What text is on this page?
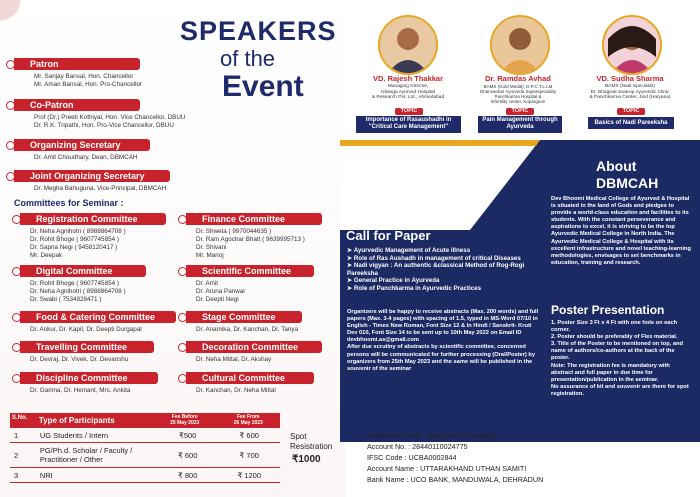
Patron
Mr. Sanjay Bansal, Hon. Chancellor
Mr. Aman Bansal, Hon. Pro-Chancellor
Co-Patron
Prof (Dr.) Preeti Kothiyal, Hon. Vice Chancellor, DBUU
Dr. R.K. Tripathi, Hon. Pro-Vice Chancellor, DBUU
Organizing Secretary
Dr. Amit Choudhary, Dean, DBMCAH
Joint Organizing Secretary
Dr. Megha Bahuguna, Vice-Principal, DBMCAH
Committees for Seminar :
Registration Committee
Dr. Neha Agnihotri ( 8988864708 )
Dr. Rohit Bhoge ( 9607745854 )
Dr. Sapna Negi ( 9458120417 )
Mr. Deepak
Finance Committee
Dr. Shweta ( 9970044635 )
Dr. Ram Agochar Bhatt ( 9639995713 )
Dr. Shivani
Mr. Manoj
Digital Committee
Dr. Rohit Bhoge ( 9607745854 )
Dr. Neha Agnihotri ( 8988864708 )
Dr. Swabi ( 7534928471 )
Scientific Committee
Dr. Amit
Dr. Aruna Panwar
Dr. Deepti Negi
Food & Catering Committee
Dr. Ankur, Dr. Kapil, Dr. Deepti Durgapal
Stage Committee
Dr. Anamika, Dr. Kanchan, Dr. Tanya
Travelling Committee
Dr. Devraj, Dr. Vivek, Dr. Devanshu
Decoration Committee
Dr. Neha Mittal, Dr. Akshay
Discipline Committee
Dr. Garima, Dr. Hemant, Mrs. Ankita
Cultural Committee
Dr. Kanchan, Dr. Neha Mittal
SPEAKERS
of the
Event	VD. Rajesh Thakkar
Managing Director,
Nisarga Ayurved Hospital
& Research Pvt. Ltd., Ahmedabad
TOPIC
Importance of Rasaushadhi in "Critical Care Management"
Dr. Ramdas Avhad
BAMS (Gold Medal), D.P.C.T.L.LM
Dhanvantari Ayurveda Supraspeciality
Panchkarma Hospital &
Infertility center, Kopargaon
TOPIC
Pain Management through Ayurveda
VD. Sudha Sharma
BAMS (Nadi Specialist)
Dr. Bhagwat Swarup Ayurvedic Clinic
& Panchkarma Center, Jind (Haryana)
TOPIC
Basics of Nadi Pareeksha
Call for Paper
➤ Ayurvedic Management of Acute illness
➤ Role of Ras Aushadh in management of critical Diseases
➤ Nadi vigyan : An authentic &classical Method of Rog-Rogi Pareeksha
➤ General Practice in Ayurveda
➤ Role of Panchkarma in Ayurvedic Practices
Organizers will be happy to receive abstracts (Max. 200 words) and full papers (Max. 3-4 pages) with spacing of 1.5, typed in MS-Word 07/10 in English - Times New Roman, Font Size 12 & In Hindi / Sanskrit- Kruti Dev 010, Font Size 14 to be sent up to 10th May 2022 on Email ID devbhoomi.as@gmail.com
After due scrutiny of abstracts by scientific committee, concerned persons will be communicated for further processing (Oral/Poster) by organizers from 25th May 2023 and the same will be published in the souvenir of the seminar
About
DBMCAH
Dev Bhoomi Medical College of Ayurved & Hospital is situated in the land of Gods and pledges to provide a world-class education and facilities to its students. With the constant perseverance and aspirations to excel, it is striving to be the top Ayurvedic Medical College in North India. The Ayurvedic Medical College & Hospital with its excellent infrastructure and novel teaching-learning methodologies, envisages to set benchmarks in education, training and research.
Poster Presentation
1. Poster Size 3 Ft x 4 Ft with one hole on each corner.
2. Poster should be preferably of Flex material.
3. Title of the Poster to be mentioned on top, and name of authors/co-authors at the back of the poster.
Note: The registration fee is mandatory with abstract and full paper in due time for presentation/publication in the seminar.
No assurance of kit and souvenir are there for spot registration.
S.No.	Type of Participants	Fee Before
25 May 2023
Fee From
26 May 2023
1	UG Students / Intern	₹500	₹ 600
2	PG/Ph.d. Scholar / Faculty / Practitioner / Other	₹ 600	₹ 700
3	NRI	₹ 800	₹ 1200
Spot
Resistration
₹1000
Registration Link : https://bit.ly/434R0gQ
Account No. : 28440110024775
IFSC Code : UCBA0002844
Account Name : UTTARAKHAND UTHAN SAMITI
Bank Name : UCO BANK, MANDUWALA, DEHRADUN
